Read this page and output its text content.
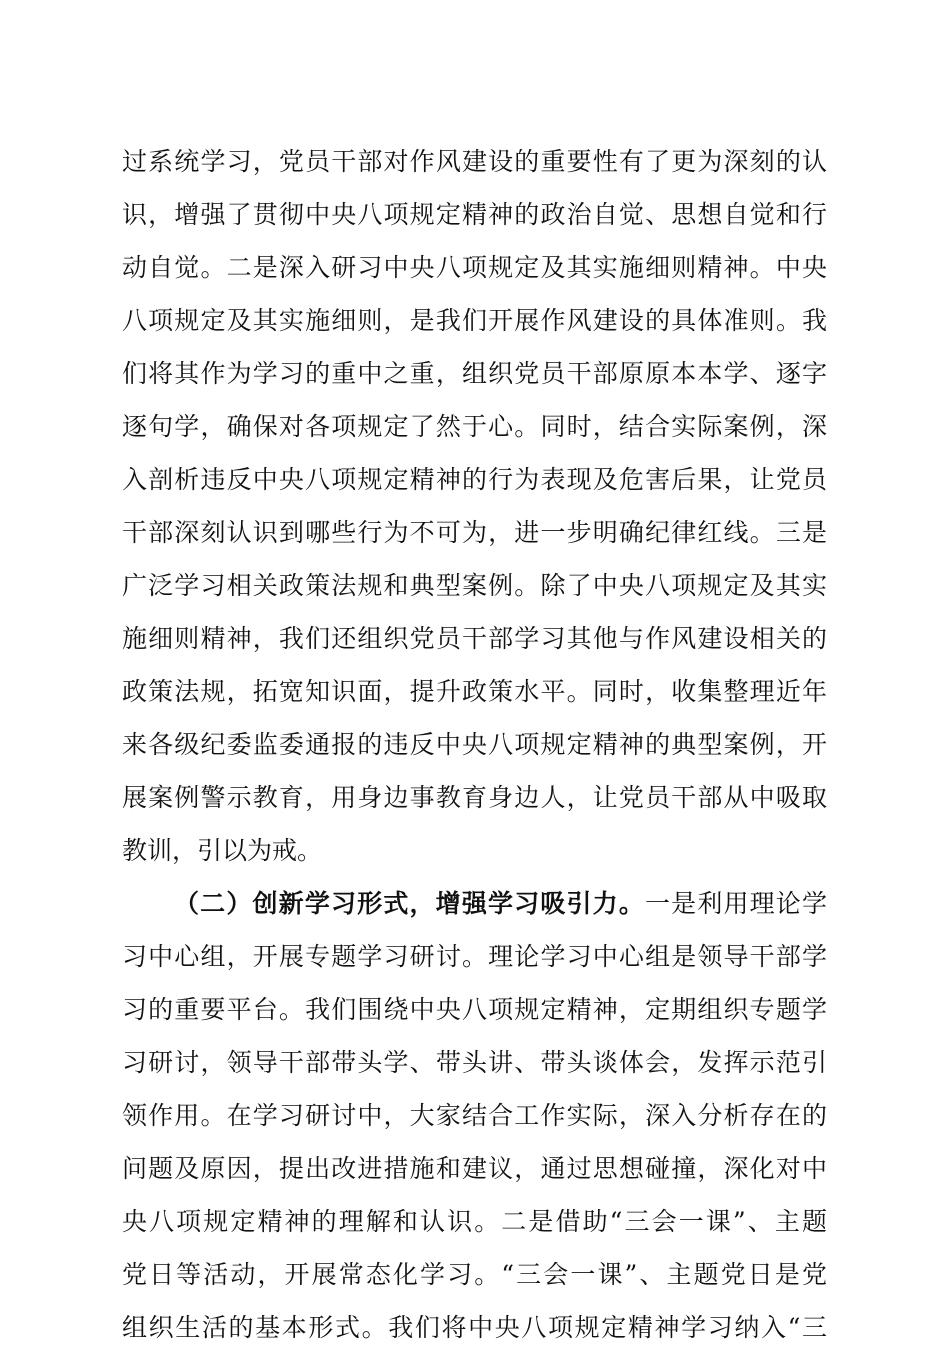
过系统学习，党员干部对作风建设的重要性有了更为深刻的认
识，增强了贯彻中央八项规定精神的政治自觉、思想自觉和行
动自觉。二是深入研习中央八项规定及其实施细则精神。中央
八项规定及其实施细则，是我们开展作风建设的具体准则。我
们将其作为学习的重中之重，组织党员干部原原本本学、逐字
逐句学，确保对各项规定了然于心。同时，结合实际案例，深
入剖析违反中央八项规定精神的行为表现及危害后果，让党员
干部深刻认识到哪些行为不可为，进一步明确纪律红线。三是
广泛学习相关政策法规和典型案例。除了中央八项规定及其实
施细则精神，我们还组织党员干部学习其他与作风建设相关的
政策法规，拓宽知识面，提升政策水平。同时，收集整理近年
来各级纪委监委通报的违反中央八项规定精神的典型案例，开
展案例警示教育，用身边事教育身边人，让党员干部从中吸取
教训，引以为戒。
（二）创新学习形式，增强学习吸引力。一是利用理论学
习中心组，开展专题学习研讨。理论学习中心组是领导干部学
习的重要平台。我们围绕中央八项规定精神，定期组织专题学
习研讨，领导干部带头学、带头讲、带头谈体会，发挥示范引
领作用。在学习研讨中，大家结合工作实际，深入分析存在的
问题及原因，提出改进措施和建议，通过思想碰撞，深化对中
央八项规定精神的理解和认识。二是借助“三会一课”、主题
党日等活动，开展常态化学习。“三会一课”、主题党日是党
组织生活的基本形式。我们将中央八项规定精神学习纳入“三
